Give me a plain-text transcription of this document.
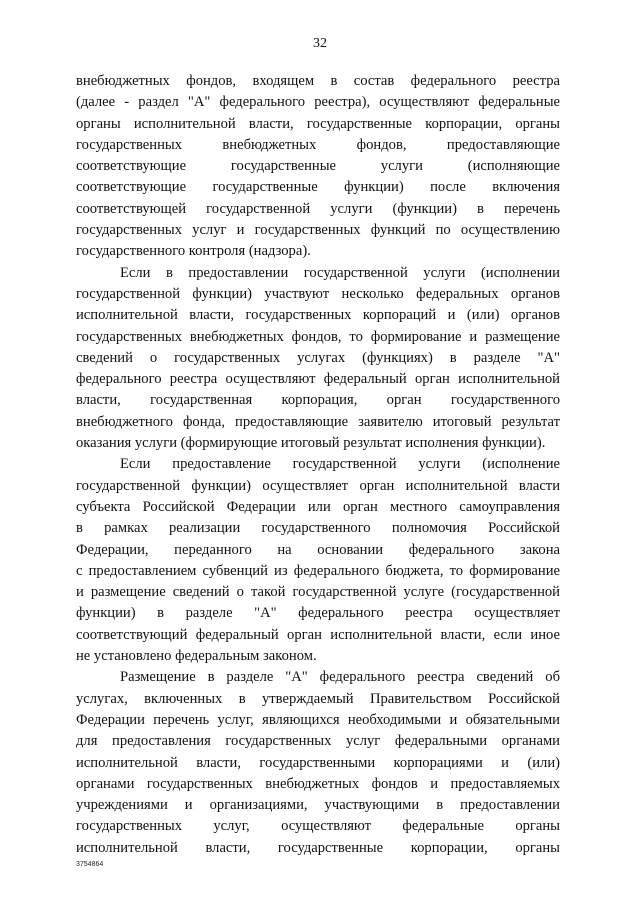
32
внебюджетных фондов, входящем в состав федерального реестра
(далее - раздел "А" федерального реестра), осуществляют федеральные
органы исполнительной власти, государственные корпорации, органы
государственных внебюджетных фондов, предоставляющие
соответствующие государственные услуги (исполняющие
соответствующие государственные функции) после включения
соответствующей государственной услуги (функции) в перечень
государственных услуг и государственных функций по осуществлению
государственного контроля (надзора).
Если в предоставлении государственной услуги (исполнении
государственной функции) участвуют несколько федеральных органов
исполнительной власти, государственных корпораций и (или) органов
государственных внебюджетных фондов, то формирование и размещение
сведений о государственных услугах (функциях) в разделе "А"
федерального реестра осуществляют федеральный орган исполнительной
власти, государственная корпорация, орган государственного
внебюджетного фонда, предоставляющие заявителю итоговый результат
оказания услуги (формирующие итоговый результат исполнения функции).
Если предоставление государственной услуги (исполнение
государственной функции) осуществляет орган исполнительной власти
субъекта Российской Федерации или орган местного самоуправления
в рамках реализации государственного полномочия Российской
Федерации, переданного на основании федерального закона
с предоставлением субвенций из федерального бюджета, то формирование
и размещение сведений о такой государственной услуге (государственной
функции) в разделе "А" федерального реестра осуществляет
соответствующий федеральный орган исполнительной власти, если иное
не установлено федеральным законом.
Размещение в разделе "А" федерального реестра сведений об
услугах, включенных в утверждаемый Правительством Российской
Федерации перечень услуг, являющихся необходимыми и обязательными
для предоставления государственных услуг федеральными органами
исполнительной власти, государственными корпорациями и (или)
органами государственных внебюджетных фондов и предоставляемых
учреждениями и организациями, участвующими в предоставлении
государственных услуг, осуществляют федеральные органы
исполнительной власти, государственные корпорации, органы
3754864
